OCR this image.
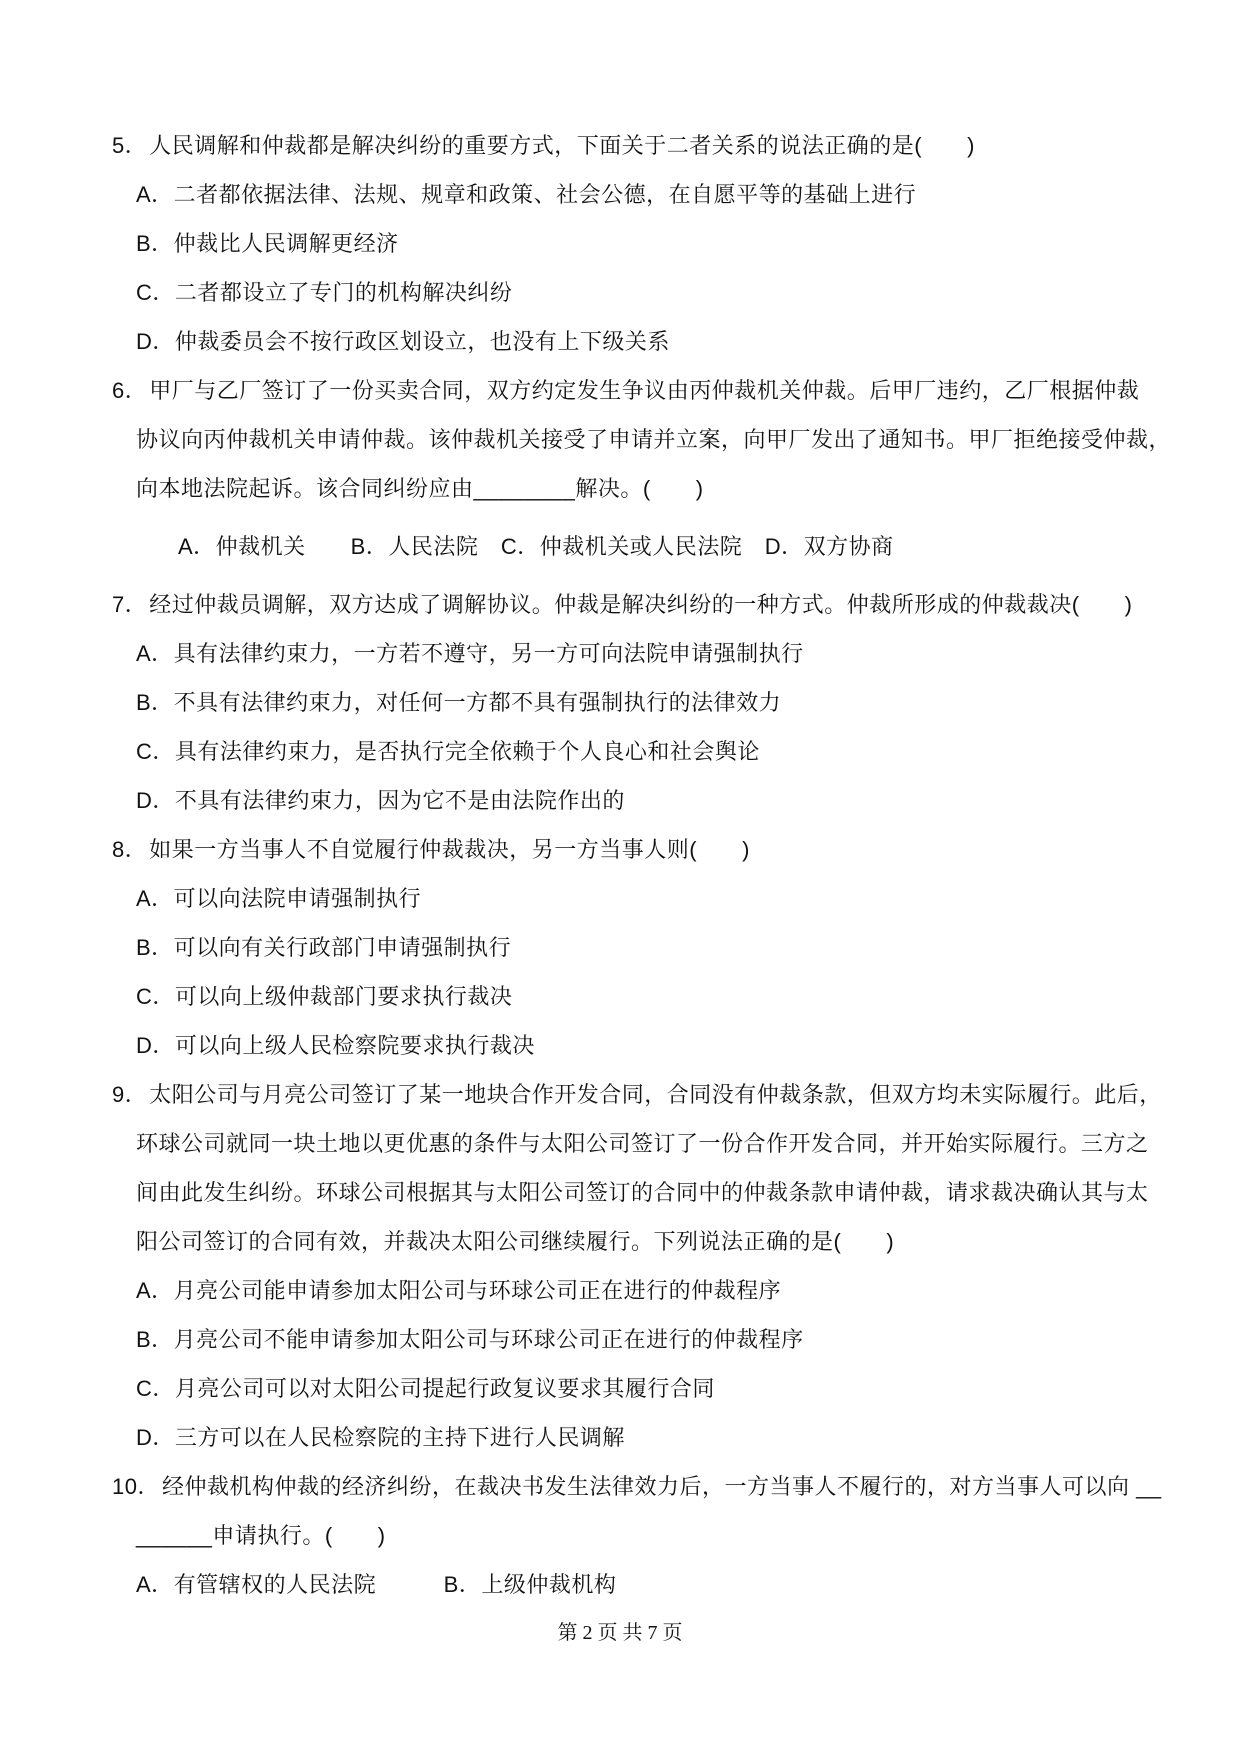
5．人民调解和仲裁都是解决纠纷的重要方式，下面关于二者关系的说法正确的是(　　)
A．二者都依据法律、法规、规章和政策、社会公德，在自愿平等的基础上进行
B．仲裁比人民调解更经济
C．二者都设立了专门的机构解决纠纷
D．仲裁委员会不按行政区划设立，也没有上下级关系
6．甲厂与乙厂签订了一份买卖合同，双方约定发生争议由丙仲裁机关仲裁。后甲厂违约，乙厂根据仲裁
协议向丙仲裁机关申请仲裁。该仲裁机关接受了申请并立案，向甲厂发出了通知书。甲厂拒绝接受仲裁，
向本地法院起诉。该合同纠纷应由________解决。(　　)
A．仲裁机关　　B．人民法院　C．仲裁机关或人民法院　D．双方协商
7．经过仲裁员调解，双方达成了调解协议。仲裁是解决纠纷的一种方式。仲裁所形成的仲裁裁决(　　)
A．具有法律约束力，一方若不遵守，另一方可向法院申请强制执行
B．不具有法律约束力，对任何一方都不具有强制执行的法律效力
C．具有法律约束力，是否执行完全依赖于个人良心和社会舆论
D．不具有法律约束力，因为它不是由法院作出的
8．如果一方当事人不自觉履行仲裁裁决，另一方当事人则(　　)
A．可以向法院申请强制执行
B．可以向有关行政部门申请强制执行
C．可以向上级仲裁部门要求执行裁决
D．可以向上级人民检察院要求执行裁决
9．太阳公司与月亮公司签订了某一地块合作开发合同，合同没有仲裁条款，但双方均未实际履行。此后，
环球公司就同一块土地以更优惠的条件与太阳公司签订了一份合作开发合同，并开始实际履行。三方之
间由此发生纠纷。环球公司根据其与太阳公司签订的合同中的仲裁条款申请仲裁，请求裁决确认其与太
阳公司签订的合同有效，并裁决太阳公司继续履行。下列说法正确的是(　　)
A．月亮公司能申请参加太阳公司与环球公司正在进行的仲裁程序
B．月亮公司不能申请参加太阳公司与环球公司正在进行的仲裁程序
C．月亮公司可以对太阳公司提起行政复议要求其履行合同
D．三方可以在人民检察院的主持下进行人民调解
10．经仲裁机构仲裁的经济纠纷，在裁决书发生法律效力后，一方当事人不履行的，对方当事人可以向 __
______申请执行。(　　)
A．有管辖权的人民法院　　　B．上级仲裁机构
第 2 页 共 7 页
